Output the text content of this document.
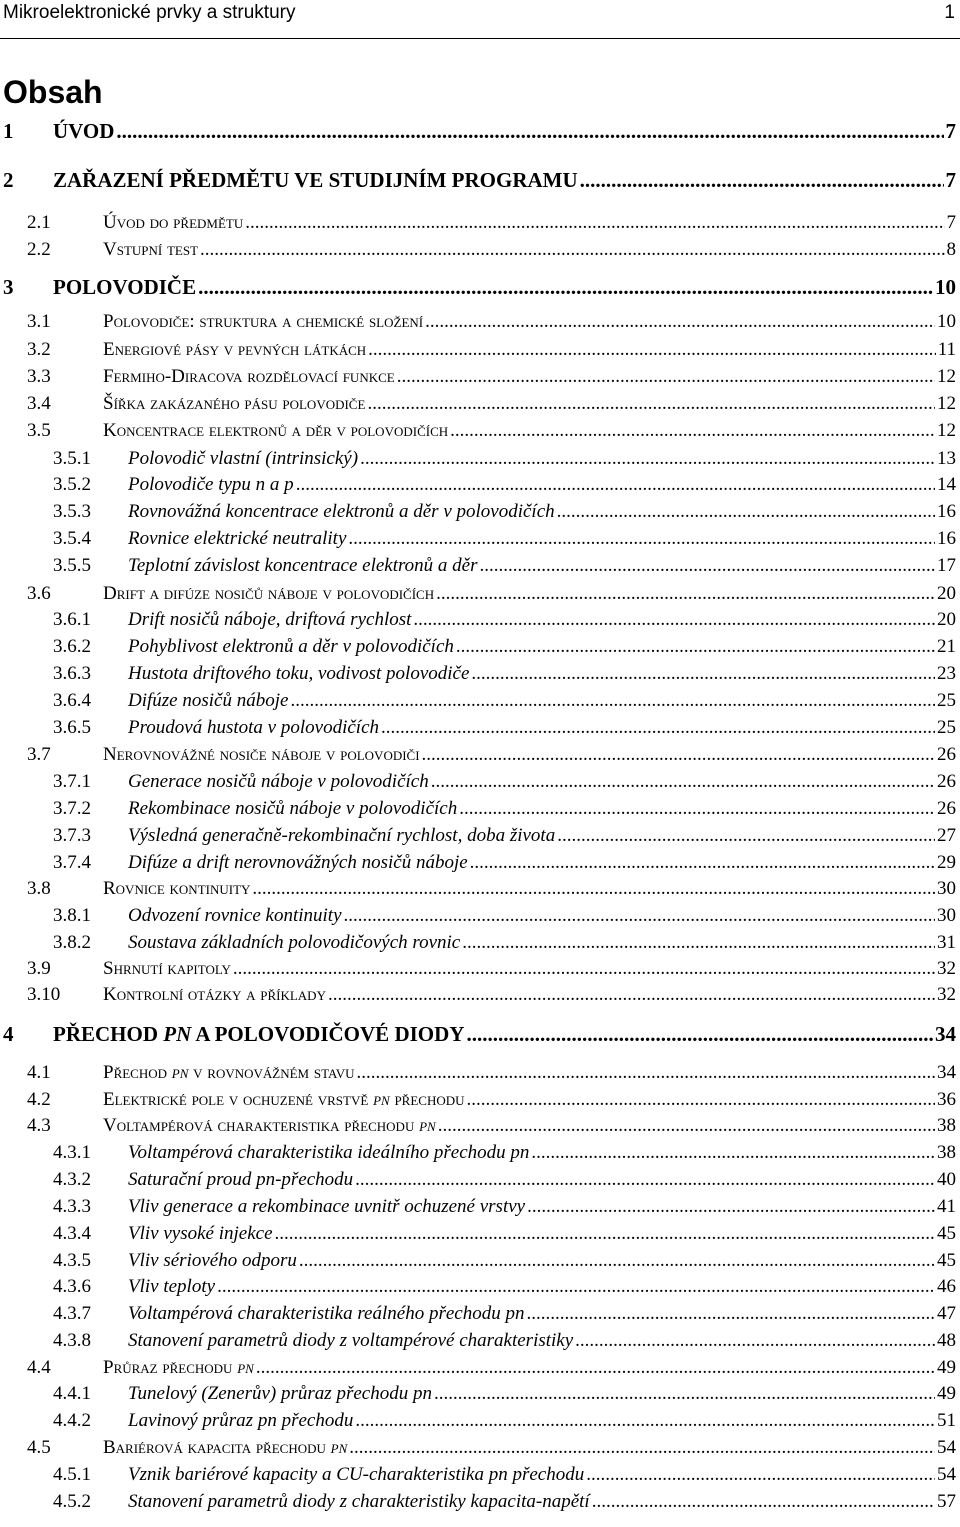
Mikroelektronické prvky a struktury	1
Obsah
1 ÚVOD .....	7
2 ZAŘAZENÍ PŘEDMĚTU VE STUDIJNÍM PROGRAMU .....	7
2.1	Úvod do předmětu .....	7
2.2	Vstupní test .....	8
3 POLOVODIČE .....	10
3.1	Polovodiče: struktura a chemické složení .....	10
3.2	Energiové pásy v pevných látkách .....	11
3.3	Fermiho-Diracova rozdělovací funkce .....	12
3.4	Šířka zakázaného pásu polovodiče .....	12
3.5	Koncentrace elektronů a děr v polovodičích .....	12
3.5.1 Polovodič vlastní (intrinsický) .....	13
3.5.2 Polovodiče typu n a p .....	14
3.5.3 Rovnovážná koncentrace elektronů a děr v polovodičích .....	16
3.5.4 Rovnice elektrické neutrality .....	16
3.5.5 Teplotní závislost koncentrace elektronů a děr .....	17
3.6	Drift a difúze nosičů náboje v polovodičích .....	20
3.6.1 Drift nosičů náboje, driftová rychlost .....	20
3.6.2 Pohyblivost elektronů a děr v polovodičích .....	21
3.6.3 Hustota driftového toku, vodivost polovodiče .....	23
3.6.4 Difúze nosičů náboje .....	25
3.6.5 Proudová hustota v polovodičích .....	25
3.7	Nerovnovážné nosiče náboje v polovodiči .....	26
3.7.1 Generace nosičů náboje v polovodičích .....	26
3.7.2 Rekombinace nosičů náboje v polovodičích .....	26
3.7.3 Výsledná generačně-rekombinační rychlost, doba života .....	27
3.7.4 Difúze a drift nerovnovážných nosičů náboje .....	29
3.8	Rovnice kontinuity .....	30
3.8.1 Odvození rovnice kontinuity .....	30
3.8.2 Soustava základních polovodičových rovnic .....	31
3.9	Shrnutí kapitoly .....	32
3.10 Kontrolní otázky a příklady .....	32
4 PŘECHOD PN A POLOVODIČOVÉ DIODY .....	34
4.1	Přechod pn v rovnovážném stavu .....	34
4.2	Elektrické pole v ochuzené vrstvě pn přechodu .....	36
4.3	Voltampérová charakteristika přechodu pn .....	38
4.3.1 Voltampérová charakteristika ideálního přechodu pn .....	38
4.3.2 Saturační proud pn-přechodu .....	40
4.3.3 Vliv generace a rekombinace uvnitř ochuzené vrstvy .....	41
4.3.4 Vliv vysoké injekce .....	45
4.3.5 Vliv sériového odporu .....	45
4.3.6 Vliv teploty .....	46
4.3.7 Voltampérová charakteristika reálného přechodu pn .....	47
4.3.8 Stanovení parametrů diody z voltampérové charakteristiky .....	48
4.4	Průraz přechodu pn .....	49
4.4.1 Tunelový (Zenerův) průraz přechodu pn .....	49
4.4.2 Lavinový průraz pn přechodu .....	51
4.5	Bariérová kapacita přechodu pn .....	54
4.5.1 Vznik bariérové kapacity a CU-charakteristika pn přechodu .....	54
4.5.2 Stanovení parametrů diody z charakteristiky kapacita-napětí .....	57
